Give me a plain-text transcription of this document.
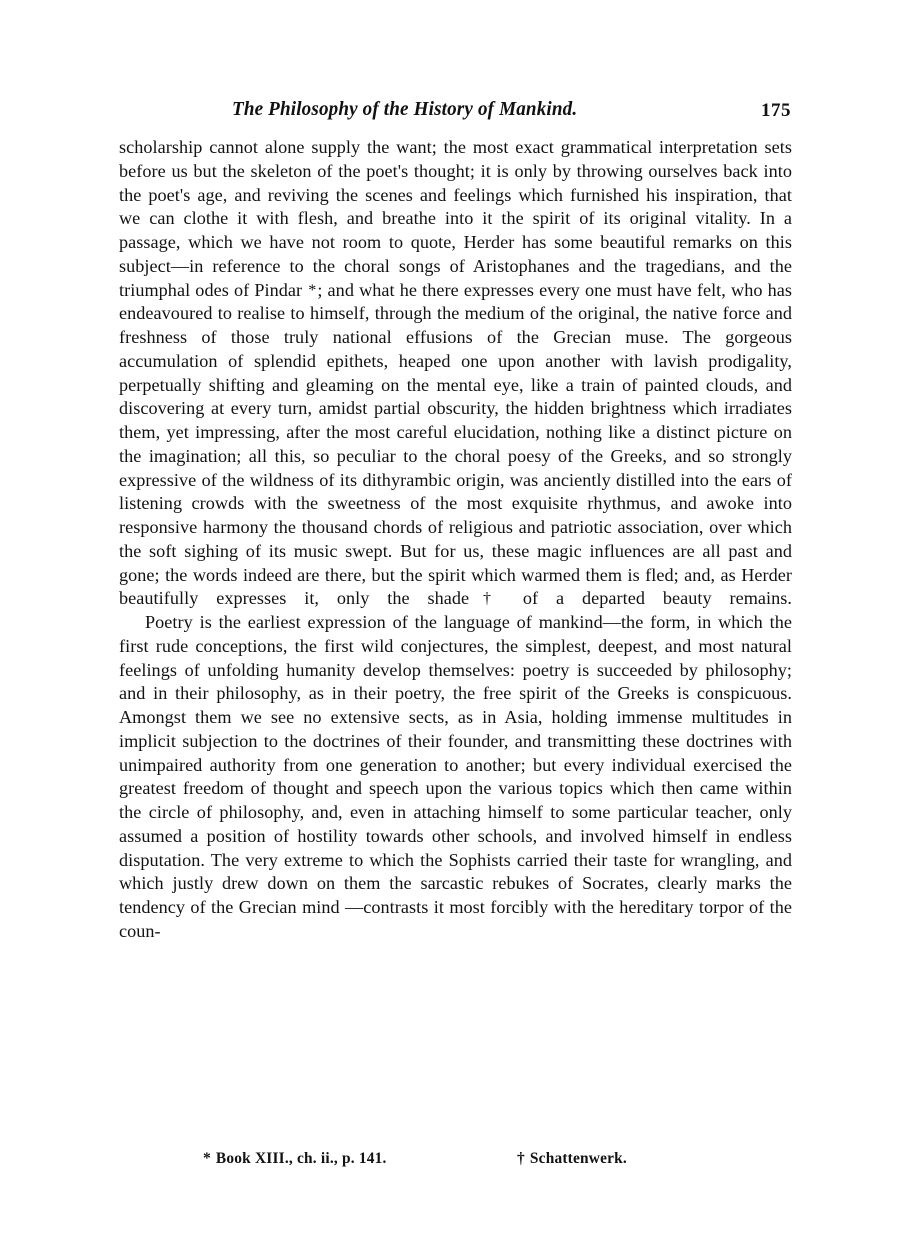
The Philosophy of the History of Mankind.	175

scholarship cannot alone supply the want; the most exact grammatical interpretation sets before us but the skeleton of the poet's thought; it is only by throwing ourselves back into the poet's age, and reviving the scenes and feelings which furnished his inspiration, that we can clothe it with flesh, and breathe into it the spirit of its original vitality. In a passage, which we have not room to quote, Herder has some beautiful remarks on this subject—in reference to the choral songs of Aristophanes and the tragedians, and the triumphal odes of Pindar *; and what he there expresses every one must have felt, who has endeavoured to realise to himself, through the medium of the original, the native force and freshness of those truly national effusions of the Grecian muse. The gorgeous accumulation of splendid epithets, heaped one upon another with lavish prodigality, perpetually shifting and gleaming on the mental eye, like a train of painted clouds, and discovering at every turn, amidst partial obscurity, the hidden brightness which irradiates them, yet impressing, after the most careful elucidation, nothing like a distinct picture on the imagination; all this, so peculiar to the choral poesy of the Greeks, and so strongly expressive of the wildness of its dithyrambic origin, was anciently distilled into the ears of listening crowds with the sweetness of the most exquisite rhythmus, and awoke into responsive harmony the thousand chords of religious and patriotic association, over which the soft sighing of its music swept. But for us, these magic influences are all past and gone; the words indeed are there, but the spirit which warmed them is fled; and, as Herder beautifully expresses it, only the shade† of a departed beauty remains.

Poetry is the earliest expression of the language of mankind—the form, in which the first rude conceptions, the first wild conjectures, the simplest, deepest, and most natural feelings of unfolding humanity develop themselves: poetry is succeeded by philosophy; and in their philosophy, as in their poetry, the free spirit of the Greeks is conspicuous. Amongst them we see no extensive sects, as in Asia, holding immense multitudes in implicit subjection to the doctrines of their founder, and transmitting these doctrines with unimpaired authority from one generation to another; but every individual exercised the greatest freedom of thought and speech upon the various topics which then came within the circle of philosophy, and, even in attaching himself to some particular teacher, only assumed a position of hostility towards other schools, and involved himself in endless disputation. The very extreme to which the Sophists carried their taste for wrangling, and which justly drew down on them the sarcastic rebukes of Socrates, clearly marks the tendency of the Grecian mind —contrasts it most forcibly with the hereditary torpor of the coun-

* Book XIII., ch. ii., p. 141.	† Schattenwerk.
